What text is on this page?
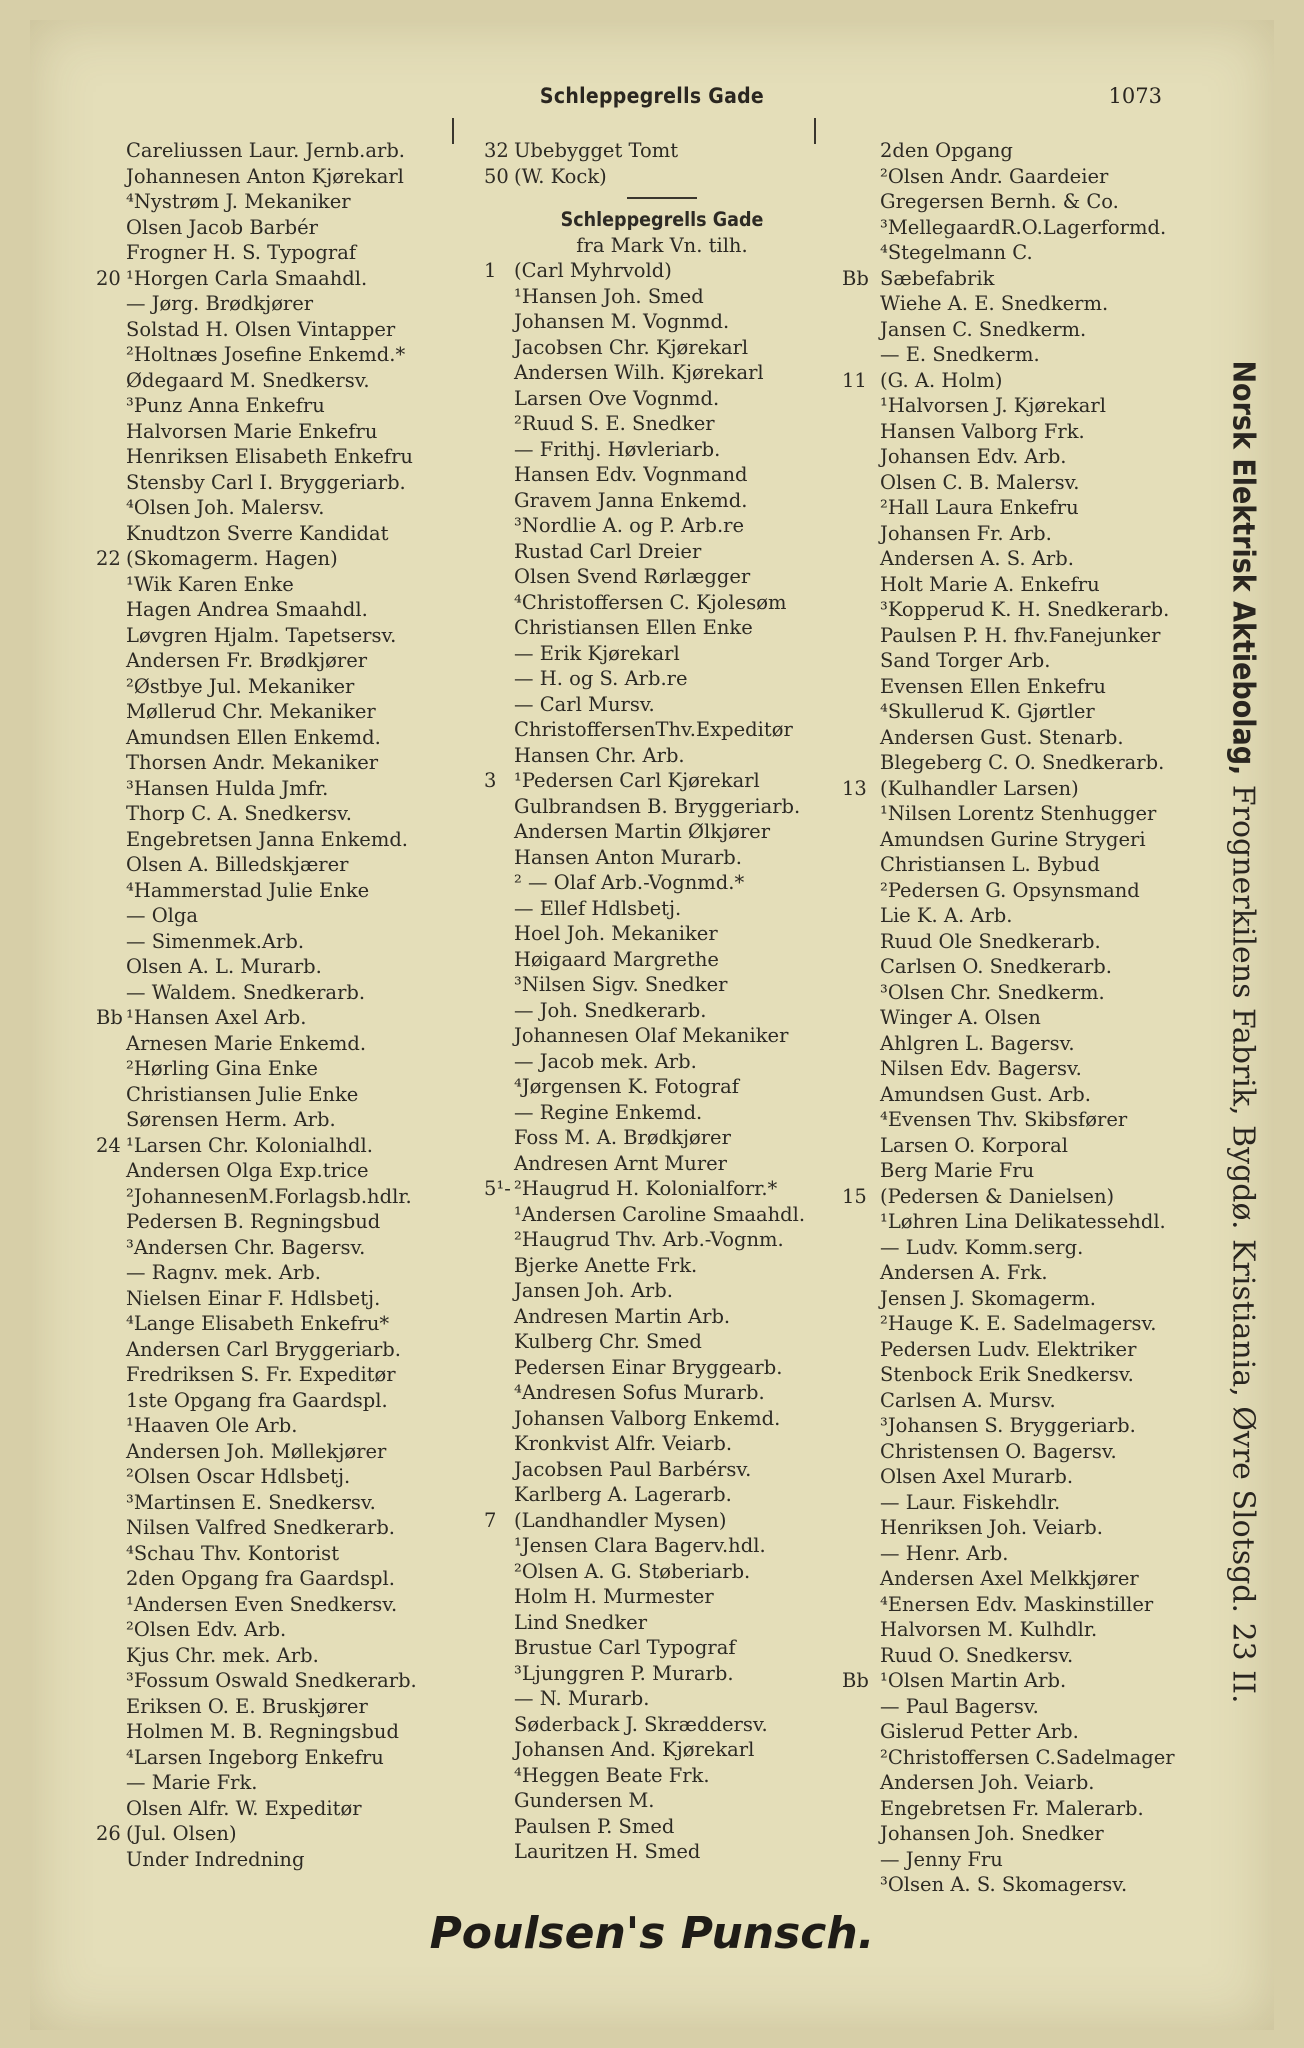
Schleppegrells Gade	1073
Careliussen Laur. Jernb.arb.
Johannesen Anton Kjørekarl
⁴Nystrøm J. Mekaniker
Olsen Jacob Barbér
Frogner H. S. Typograf
20 ¹Horgen Carla Smaahdl.
— Jørg. Brødkjører
Solstad H. Olsen Vintapper
²Holtnæs Josefine Enkemd.*
Ødegaard M. Snedkersv.
³Punz Anna Enkefru
Halvorsen Marie Enkefru
Henriksen Elisabeth Enkefru
Stensby Carl I. Bryggeriarb.
⁴Olsen Joh. Malersv.
Knudtzon Sverre Kandidat
22 (Skomagerm. Hagen)
¹Wik Karen Enke
Hagen Andrea Smaahdl.
Løvgren Hjalm. Tapetsersv.
Andersen Fr. Brødkjører
²Østbye Jul. Mekaniker
Møllerud Chr. Mekaniker
Amundsen Ellen Enkemd.
Thorsen Andr. Mekaniker
³Hansen Hulda Jmfr.
Thorp C. A. Snedkersv.
Engebretsen Janna Enkemd.
Olsen A. Billedskjærer
⁴Hammerstad Julie Enke
— Olga
— Simenmek.Arb.
Olsen A. L. Murarb.
— Waldem. Snedkerarb.
Bb ¹Hansen Axel Arb.
Arnesen Marie Enkemd.
²Hørling Gina Enke
Christiansen Julie Enke
Sørensen Herm. Arb.
24 ¹Larsen Chr. Kolonialhdl.
Andersen Olga Exp.trice
²JohannesenM.Forlagsb.hdlr.
Pedersen B. Regningsbud
³Andersen Chr. Bagersv.
— Ragnv. mek. Arb.
Nielsen Einar F. Hdlsbetj.
⁴Lange Elisabeth Enkefru*
Andersen Carl Bryggeriarb.
Fredriksen S. Fr. Expeditør
1ste Opgang fra Gaardspl.
¹Haaven Ole Arb.
Andersen Joh. Møllekjører
²Olsen Oscar Hdlsbetj.
³Martinsen E. Snedkersv.
Nilsen Valfred Snedkerarb.
⁴Schau Thv. Kontorist
2den Opgang fra Gaardspl.
¹Andersen Even Snedkersv.
²Olsen Edv. Arb.
Kjus Chr. mek. Arb.
³Fossum Oswald Snedkerarb.
Eriksen O. E. Bruskjører
Holmen M. B. Regningsbud
⁴Larsen Ingeborg Enkefru
— Marie Frk.
Olsen Alfr. W. Expeditør
26 (Jul. Olsen)
Under Indredning
32 Ubebygget Tomt
50 (W. Kock)
Schleppegrells Gade
fra Mark Vn. tilh.
1 (Carl Myhrvold)
¹Hansen Joh. Smed
Johansen M. Vognmd.
Jacobsen Chr. Kjørekarl
Andersen Wilh. Kjørekarl
Larsen Ove Vognmd.
²Ruud S. E. Snedker
— Frithj. Høvleriarb.
Hansen Edv. Vognmand
Gravem Janna Enkemd.
³Nordlie A. og P. Arb.re
Rustad Carl Dreier
Olsen Svend Rørlægger
⁴Christoffersen C. Kjolesøm
Christiansen Ellen Enke
— Erik Kjørekarl
— H. og S. Arb.re
— Carl Mursv.
ChristoffersenThv.Expeditør
Hansen Chr. Arb.
3 ¹Pedersen Carl Kjørekarl
Gulbrandsen B. Bryggeriarb.
Andersen Martin Ølkjører
Hansen Anton Murarb.
² — Olaf Arb.-Vognmd.*
— Ellef Hdlsbetj.
Hoel Joh. Mekaniker
Høigaard Margrethe
³Nilsen Sigv. Snedker
— Joh. Snedkerarb.
Johannesen Olaf Mekaniker
— Jacob mek. Arb.
⁴Jørgensen K. Fotograf
— Regine Enkemd.
Foss M. A. Brødkjører
Andresen Arnt Murer
5¹- ²Haugrud H. Kolonialforr.*
¹Andersen Caroline Smaahdl.
²Haugrud Thv. Arb.-Vognm.
Bjerke Anette Frk.
Jansen Joh. Arb.
Andresen Martin Arb.
Kulberg Chr. Smed
Pedersen Einar Bryggearb.
⁴Andresen Sofus Murarb.
Johansen Valborg Enkemd.
Kronkvist Alfr. Veiarb.
Jacobsen Paul Barbérsv.
Karlberg A. Lagerarb.
7 (Landhandler Mysen)
¹Jensen Clara Bagerv.hdl.
²Olsen A. G. Støberiarb.
Holm H. Murmester
Lind Snedker
Brustue Carl Typograf
³Ljunggren P. Murarb.
— N. Murarb.
Søderback J. Skræddersv.
Johansen And. Kjørekarl
⁴Heggen Beate Frk.
Gundersen M.
Paulsen P. Smed
Lauritzen H. Smed
2den Opgang
²Olsen Andr. Gaardeier
Gregersen Bernh. & Co.
³MellegaardR.O.Lagerformd.
⁴Stegelmann C.
Bb Sæbefabrik
Wiehe A. E. Snedkerm.
Jansen C. Snedkerm.
— E. Snedkerm.
11 (G. A. Holm)
¹Halvorsen J. Kjørekarl
Hansen Valborg Frk.
Johansen Edv. Arb.
Olsen C. B. Malersv.
²Hall Laura Enkefru
Johansen Fr. Arb.
Andersen A. S. Arb.
Holt Marie A. Enkefru
³Kopperud K. H. Snedkerarb.
Paulsen P. H. fhv.Fanejunker
Sand Torger Arb.
Evensen Ellen Enkefru
⁴Skullerud K. Gjørtler
Andersen Gust. Stenarb.
Blegeberg C. O. Snedkerarb.
13 (Kulhandler Larsen)
¹Nilsen Lorentz Stenhugger
Amundsen Gurine Strygeri
Christiansen L. Bybud
²Pedersen G. Opsynsmand
Lie K. A. Arb.
Ruud Ole Snedkerarb.
Carlsen O. Snedkerarb.
³Olsen Chr. Snedkerm.
Winger A. Olsen
Ahlgren L. Bagersv.
Nilsen Edv. Bagersv.
Amundsen Gust. Arb.
⁴Evensen Thv. Skibsfører
Larsen O. Korporal
Berg Marie Fru
15 (Pedersen & Danielsen)
¹Løhren Lina Delikatessehdl.
— Ludv. Komm.serg.
Andersen A. Frk.
Jensen J. Skomagerm.
²Hauge K. E. Sadelmagersv.
Pedersen Ludv. Elektriker
Stenbock Erik Snedkersv.
Carlsen A. Mursv.
³Johansen S. Bryggeriarb.
Christensen O. Bagersv.
Olsen Axel Murarb.
— Laur. Fiskehdlr.
Henriksen Joh. Veiarb.
— Henr. Arb.
Andersen Axel Melkkjører
⁴Enersen Edv. Maskinstiller
Halvorsen M. Kulhdlr.
Ruud O. Snedkersv.
Bb ¹Olsen Martin Arb.
— Paul Bagersv.
Gislerud Petter Arb.
²Christoffersen C.Sadelmager
Andersen Joh. Veiarb.
Engebretsen Fr. Malerarb.
Johansen Joh. Snedker
— Jenny Fru
³Olsen A. S. Skomagersv.
Norsk Elektrisk Aktiebolag, Frognerkilens Fabrik, Bygdø. Kristiania, Øvre Slotsgd. 23 II.
Poulsen's Punsch.
